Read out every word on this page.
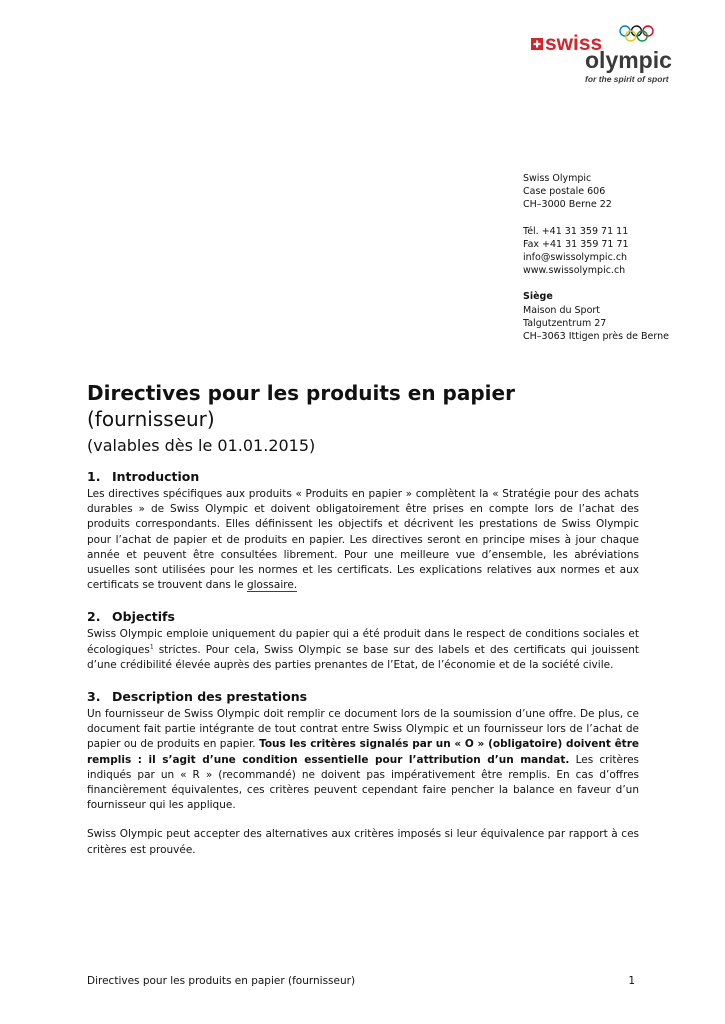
swiss
olympic
for the spirit of sport
Swiss Olympic
Case postale 606
CH–3000 Berne 22
Tél. +41 31 359 71 11
Fax +41 31 359 71 71
info@swissolympic.ch
www.swissolympic.ch
Siège
Maison du Sport
Talgutzentrum 27
CH–3063 Ittigen près de Berne
Directives pour les produits en papier (fournisseur)
(valables dès le 01.01.2015)
1. Introduction

Les directives spécifiques aux produits « Produits en papier » complètent la « Stratégie pour des achats durables » de Swiss Olympic et doivent obligatoirement être prises en compte lors de l’achat des produits correspondants. Elles définissent les objectifs et décrivent les prestations de Swiss Olympic pour l’achat de papier et de produits en papier. Les directives seront en principe mises à jour chaque année et peuvent être consultées librement. Pour une meilleure vue d’ensemble, les abréviations usuelles sont utilisées pour les normes et les certificats. Les explications relatives aux normes et aux certificats se trouvent dans le glossaire.

2. Objectifs

Swiss Olympic emploie uniquement du papier qui a été produit dans le respect de conditions sociales et écologiques$^1$ strictes. Pour cela, Swiss Olympic se base sur des labels et des certificats qui jouissent d’une crédibilité élevée auprès des parties prenantes de l’Etat, de l’économie et de la société civile.

3. Description des prestations

Un fournisseur de Swiss Olympic doit remplir ce document lors de la soumission d’une offre. De plus, ce document fait partie intégrante de tout contrat entre Swiss Olympic et un fournisseur lors de l’achat de papier ou de produits en papier. Tous les critères signalés par un « O » (obligatoire) doivent être remplis : il s’agit d’une condition essentielle pour l’attribution d’un mandat. Les critères indiqués par un « R » (recommandé) ne doivent pas impérativement être remplis. En cas d’offres financièrement équivalentes, ces critères peuvent cependant faire pencher la balance en faveur d’un fournisseur qui les applique.

Swiss Olympic peut accepter des alternatives aux critères imposés si leur équivalence par rapport à ces critères est prouvée.

Directives pour les produits en papier (fournisseur)	1
